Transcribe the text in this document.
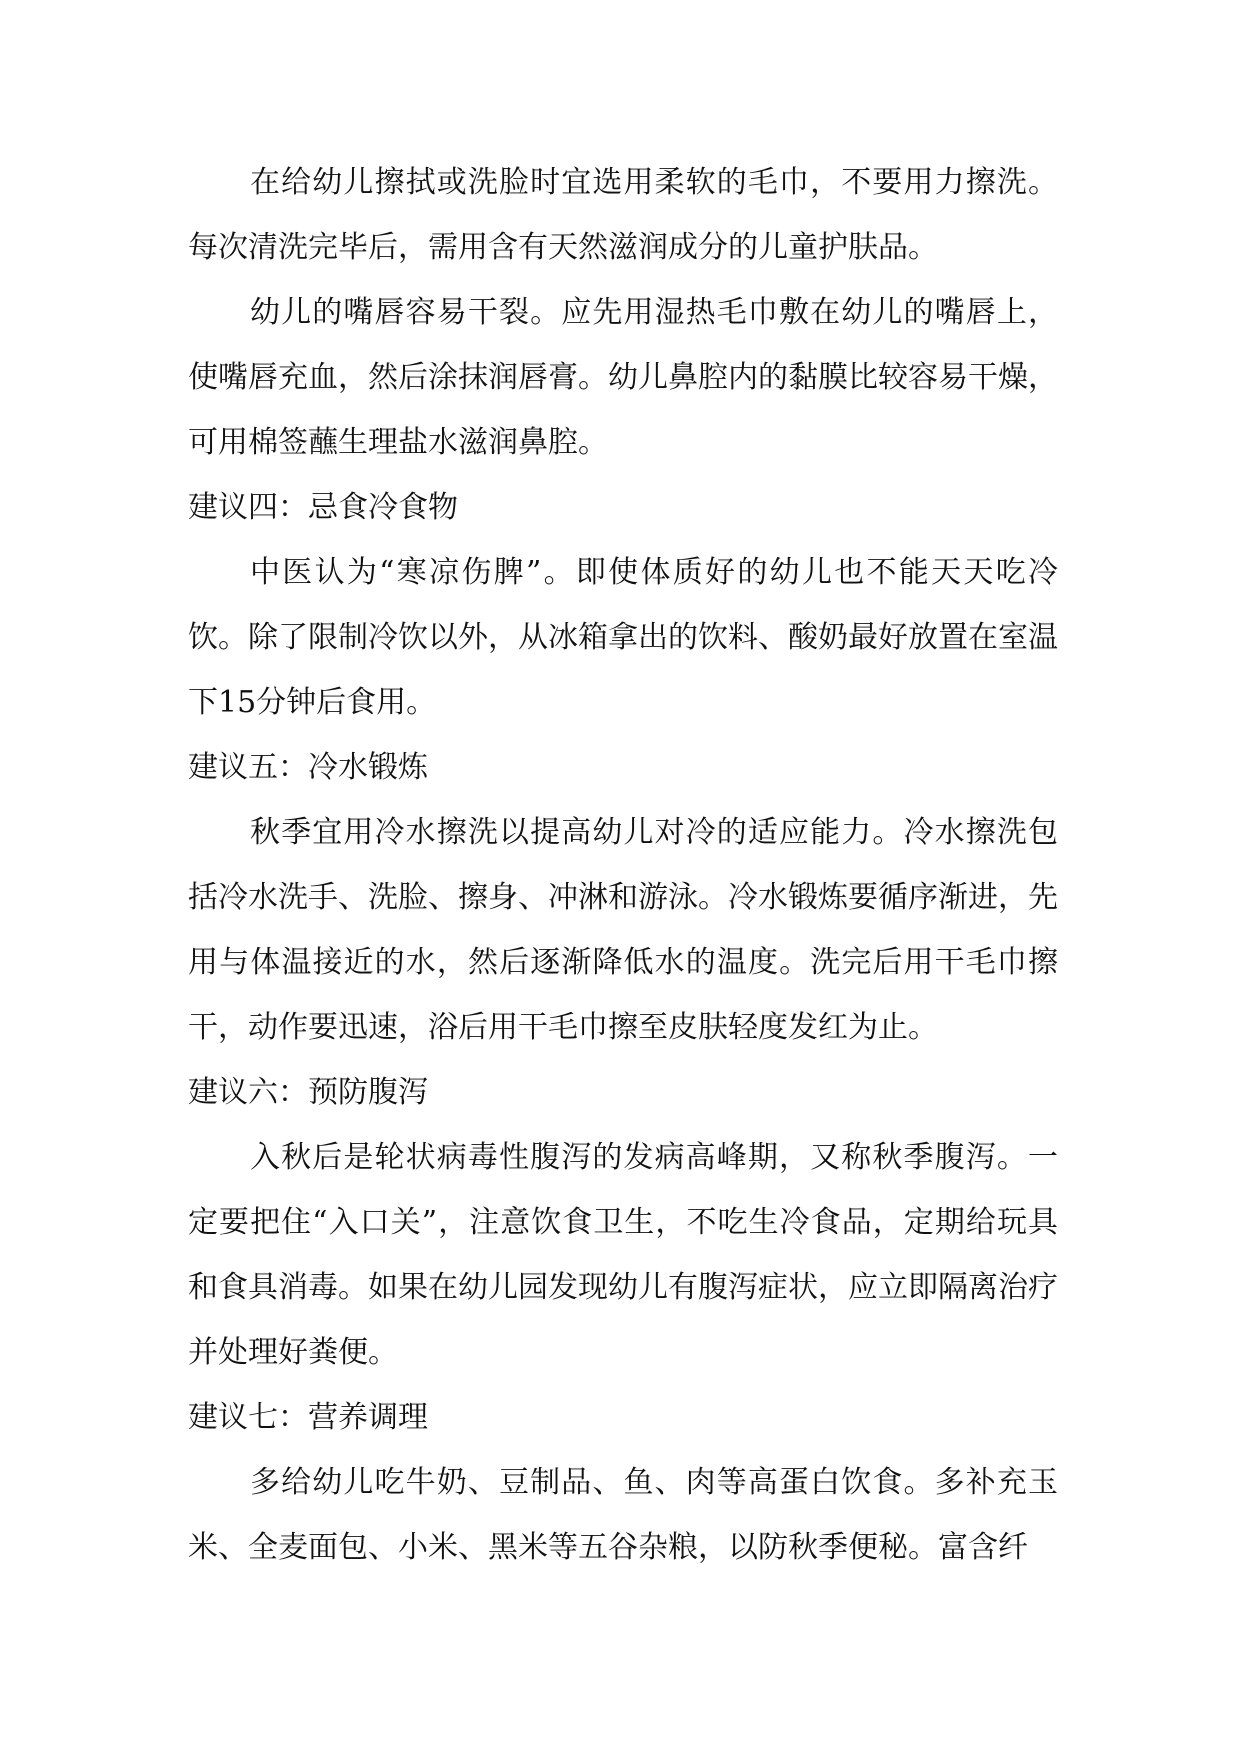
在给幼儿擦拭或洗脸时宜选用柔软的毛巾，不要用力擦洗。每次清洗完毕后，需用含有天然滋润成分的儿童护肤品。

幼儿的嘴唇容易干裂。应先用湿热毛巾敷在幼儿的嘴唇上，使嘴唇充血，然后涂抹润唇膏。幼儿鼻腔内的黏膜比较容易干燥，可用棉签蘸生理盐水滋润鼻腔。

建议四：忌食冷食物

中医认为“寒凉伤脾”。即使体质好的幼儿也不能天天吃冷饮。除了限制冷饮以外，从冰箱拿出的饮料、酸奶最好放置在室温下15分钟后食用。

建议五：冷水锻炼

秋季宜用冷水擦洗以提高幼儿对冷的适应能力。冷水擦洗包括冷水洗手、洗脸、擦身、冲淋和游泳。冷水锻炼要循序渐进，先用与体温接近的水，然后逐渐降低水的温度。洗完后用干毛巾擦干，动作要迅速，浴后用干毛巾擦至皮肤轻度发红为止。

建议六：预防腹泻

入秋后是轮状病毒性腹泻的发病高峰期，又称秋季腹泻。一定要把住“入口关”，注意饮食卫生，不吃生冷食品，定期给玩具和食具消毒。如果在幼儿园发现幼儿有腹泻症状，应立即隔离治疗并处理好粪便。

建议七：营养调理

多给幼儿吃牛奶、豆制品、鱼、肉等高蛋白饮食。多补充玉米、全麦面包、小米、黑米等五谷杂粮，以防秋季便秘。富含纤
